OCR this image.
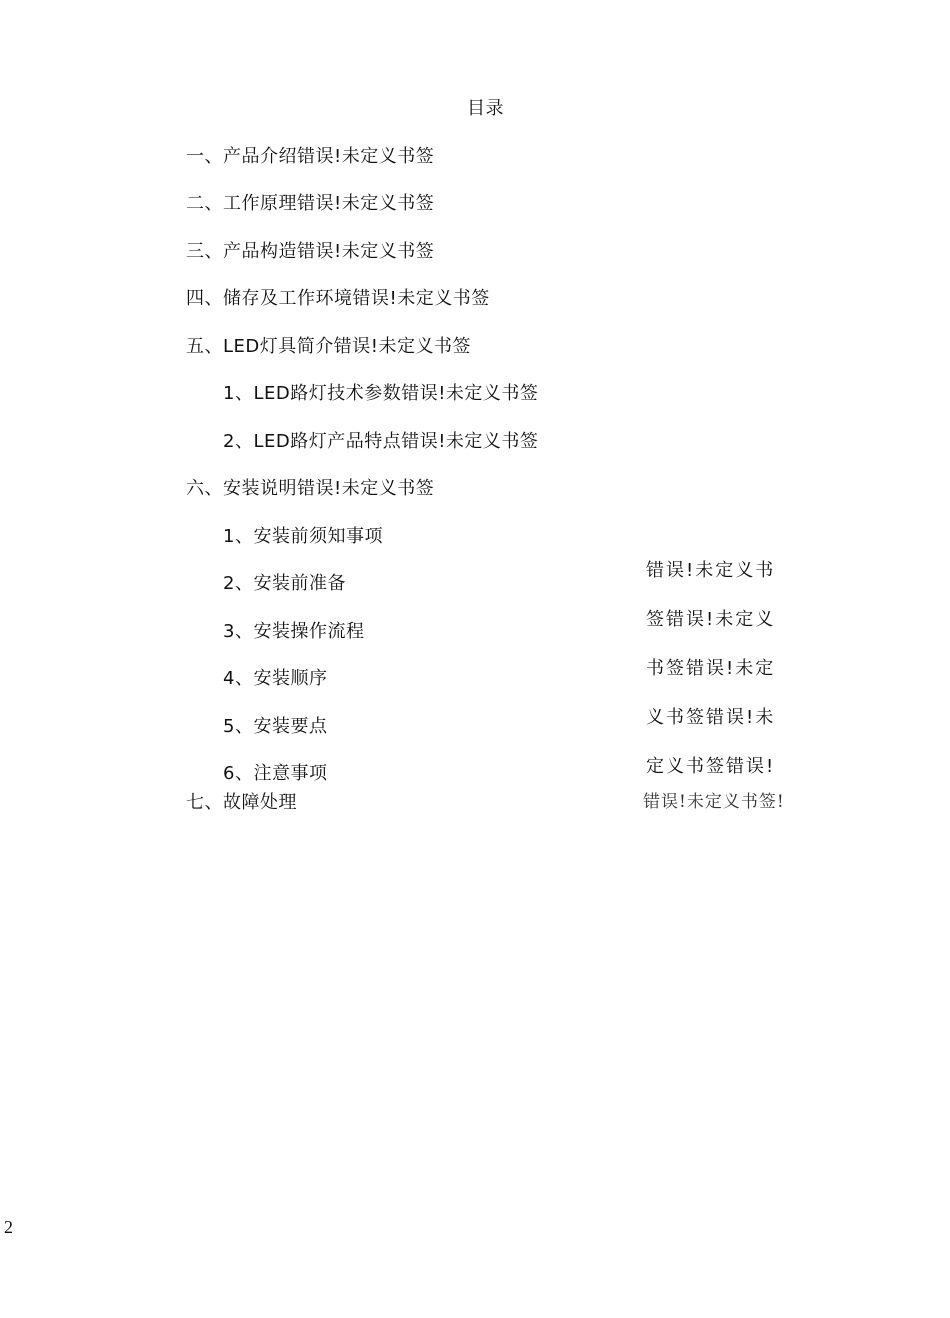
目录
一、产品介绍错误!未定义书签
二、工作原理错误!未定义书签
三、产品构造错误!未定义书签
四、储存及工作环境错误!未定义书签
五、LED灯具简介错误!未定义书签
1、LED路灯技术参数错误!未定义书签
2、LED路灯产品特点错误!未定义书签
六、安装说明错误!未定义书签
1、安装前须知事项
2、安装前准备
3、安装操作流程
4、安装顺序
5、安装要点
6、注意事项
七、故障处理
错误!未定义书签错误!未定义书签错误!未定义书签错误!未定义书签错误!
错误!未定义书签!
2
